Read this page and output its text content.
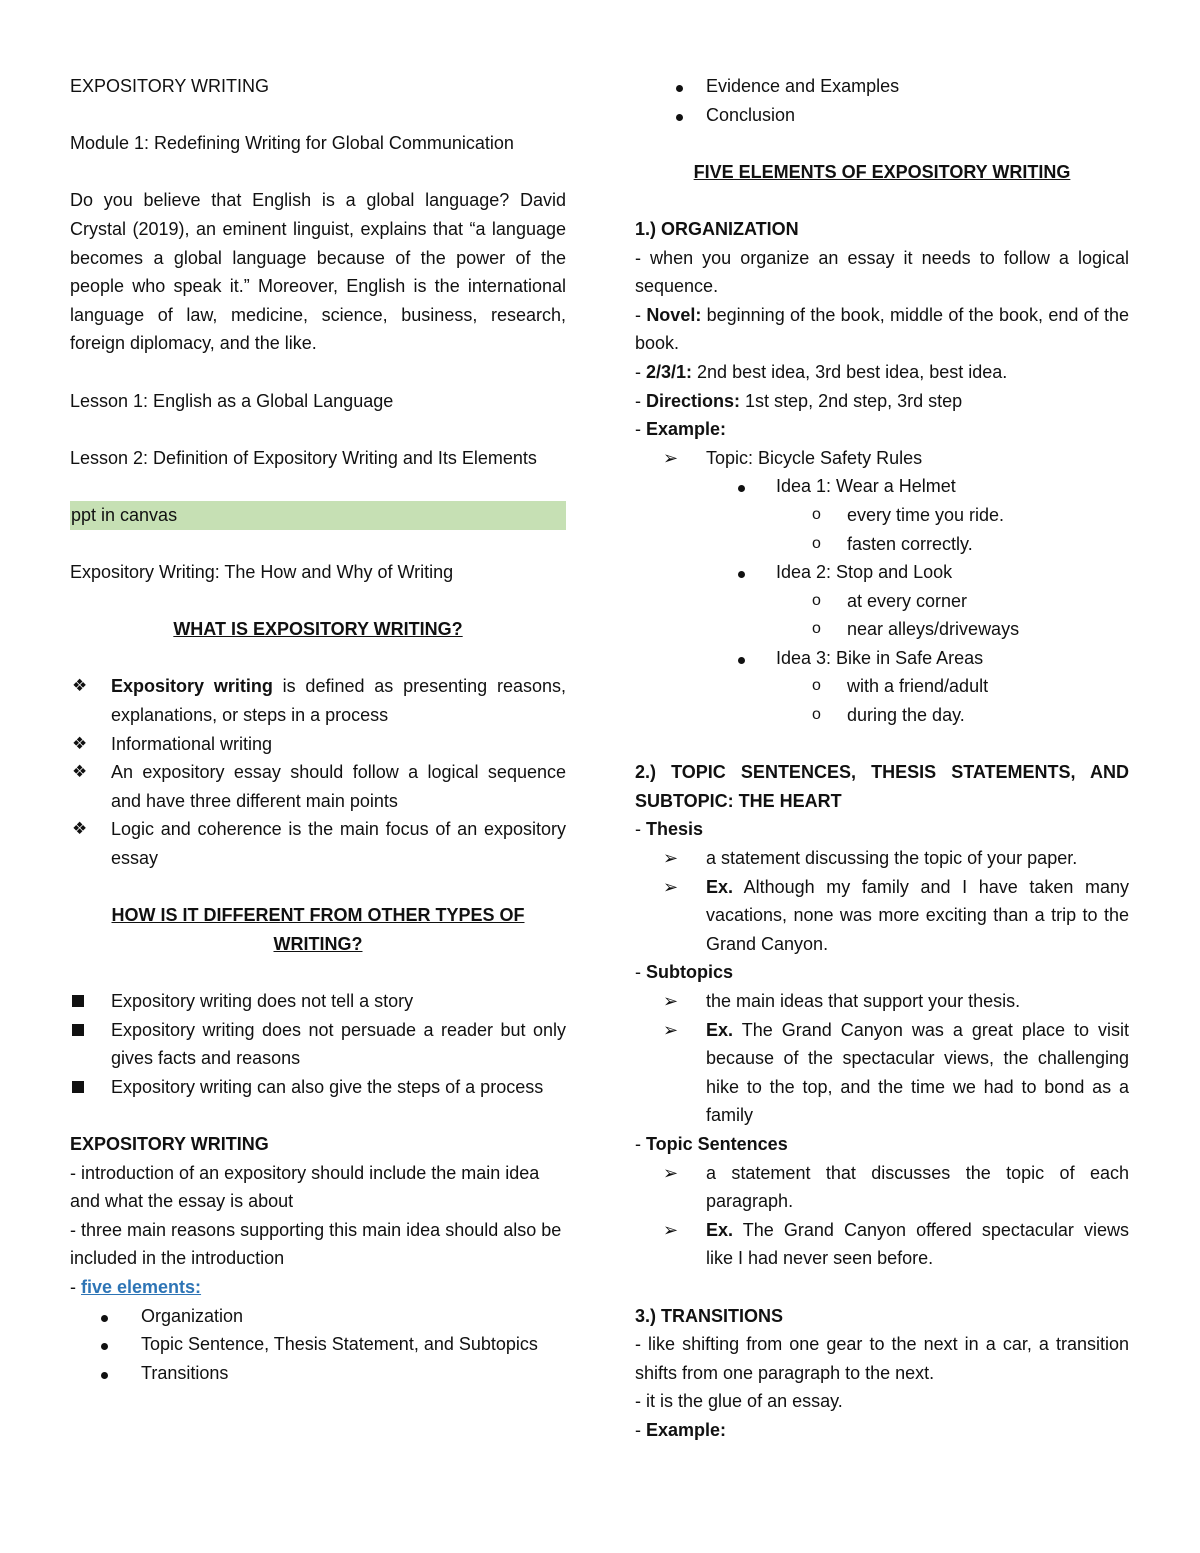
EXPOSITORY WRITING

Module 1: Redefining Writing for Global Communication

Do you believe that English is a global language? David Crystal (2019), an eminent linguist, explains that “a language becomes a global language because of the power of the people who speak it.” Moreover, English is the international language of law, medicine, science, business, research, foreign diplomacy, and the like.

Lesson 1: English as a Global Language

Lesson 2: Definition of Expository Writing and Its Elements

ppt in canvas

Expository Writing: The How and Why of Writing

WHAT IS EXPOSITORY WRITING?

❖ Expository writing is defined as presenting reasons, explanations, or steps in a process
❖ Informational writing
❖ An expository essay should follow a logical sequence and have three different main points
❖ Logic and coherence is the main focus of an expository essay

HOW IS IT DIFFERENT FROM OTHER TYPES OF

WRITING?

Expository writing does not tell a story
Expository writing does not persuade a reader but only gives facts and reasons
Expository writing can also give the steps of a process

EXPOSITORY WRITING

- introduction of an expository should include the main idea and what the essay is about

- three main reasons supporting this main idea should also be included in the introduction

- five elements:

Organization
Topic Sentence, Thesis Statement, and Subtopics
Transitions
Evidence and Examples
Conclusion

FIVE ELEMENTS OF EXPOSITORY WRITING

1.) ORGANIZATION

- when you organize an essay it needs to follow a logical sequence.

- Novel: beginning of the book, middle of the book, end of the book.

- 2/3/1: 2nd best idea, 3rd best idea, best idea.

- Directions: 1st step, 2nd step, 3rd step

- Example:

➢ Topic: Bicycle Safety Rules
Idea 1: Wear a Helmet
o every time you ride.
o fasten correctly.
Idea 2: Stop and Look
o at every corner
o near alleys/driveways
Idea 3: Bike in Safe Areas
o with a friend/adult
o during the day.

2.) TOPIC SENTENCES, THESIS STATEMENTS, AND SUBTOPIC: THE HEART

- Thesis

➢ a statement discussing the topic of your paper.
➢ Ex. Although my family and I have taken many vacations, none was more exciting than a trip to the Grand Canyon.

- Subtopics

➢ the main ideas that support your thesis.
➢ Ex. The Grand Canyon was a great place to visit because of the spectacular views, the challenging hike to the top, and the time we had to bond as a family

- Topic Sentences

➢ a statement that discusses the topic of each paragraph.
➢ Ex. The Grand Canyon offered spectacular views like I had never seen before.

3.) TRANSITIONS

- like shifting from one gear to the next in a car, a transition shifts from one paragraph to the next.

- it is the glue of an essay.

- Example:
